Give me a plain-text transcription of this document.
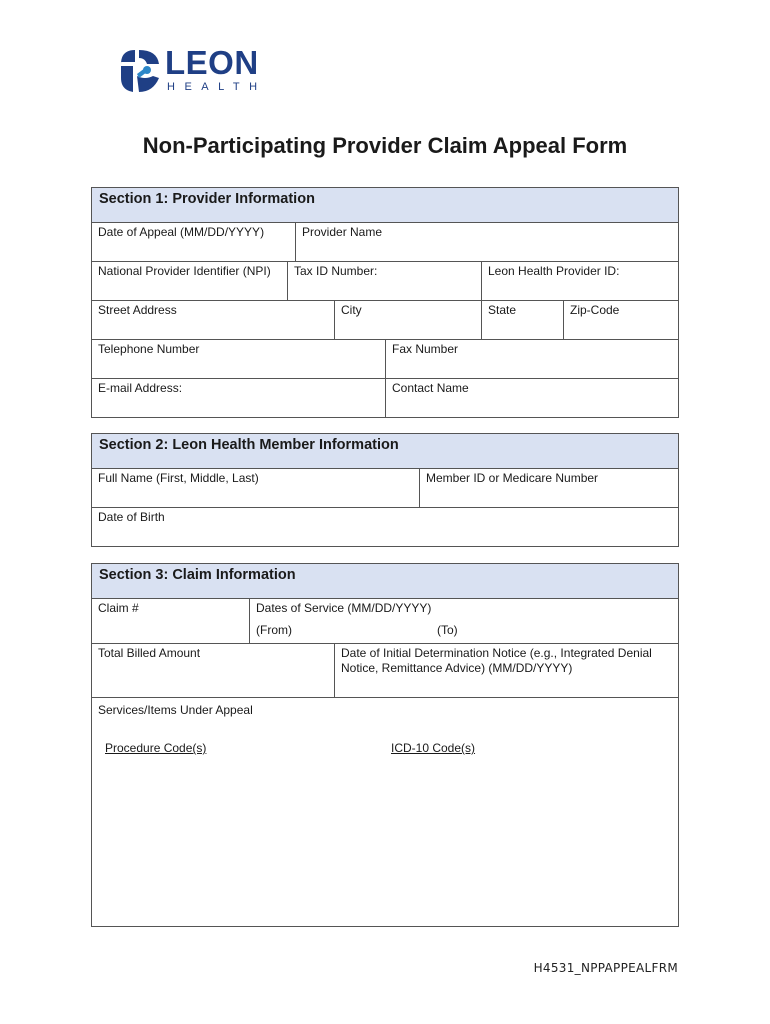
LEON
HEALTH
Non-Participating Provider Claim Appeal Form
Section 1: Provider Information
Date of Appeal (MM/DD/YYYY)	Provider Name
National Provider Identifier (NPI)	Tax ID Number:	Leon Health Provider ID:
Street Address	City	State	Zip-Code
Telephone Number	Fax Number
E-mail Address:	Contact Name
Section 2: Leon Health Member Information
Full Name (First, Middle, Last)	Member ID or Medicare Number
Date of Birth
Section 3: Claim Information
Claim #	Dates of Service (MM/DD/YYYY)
(From)	(To)
Total Billed Amount	Date of Initial Determination Notice (e.g., Integrated Denial Notice, Remittance Advice) (MM/DD/YYYY)
Services/Items Under Appeal
Procedure Code(s)	ICD-10 Code(s)
H4531_NPPAPPEALFRM
